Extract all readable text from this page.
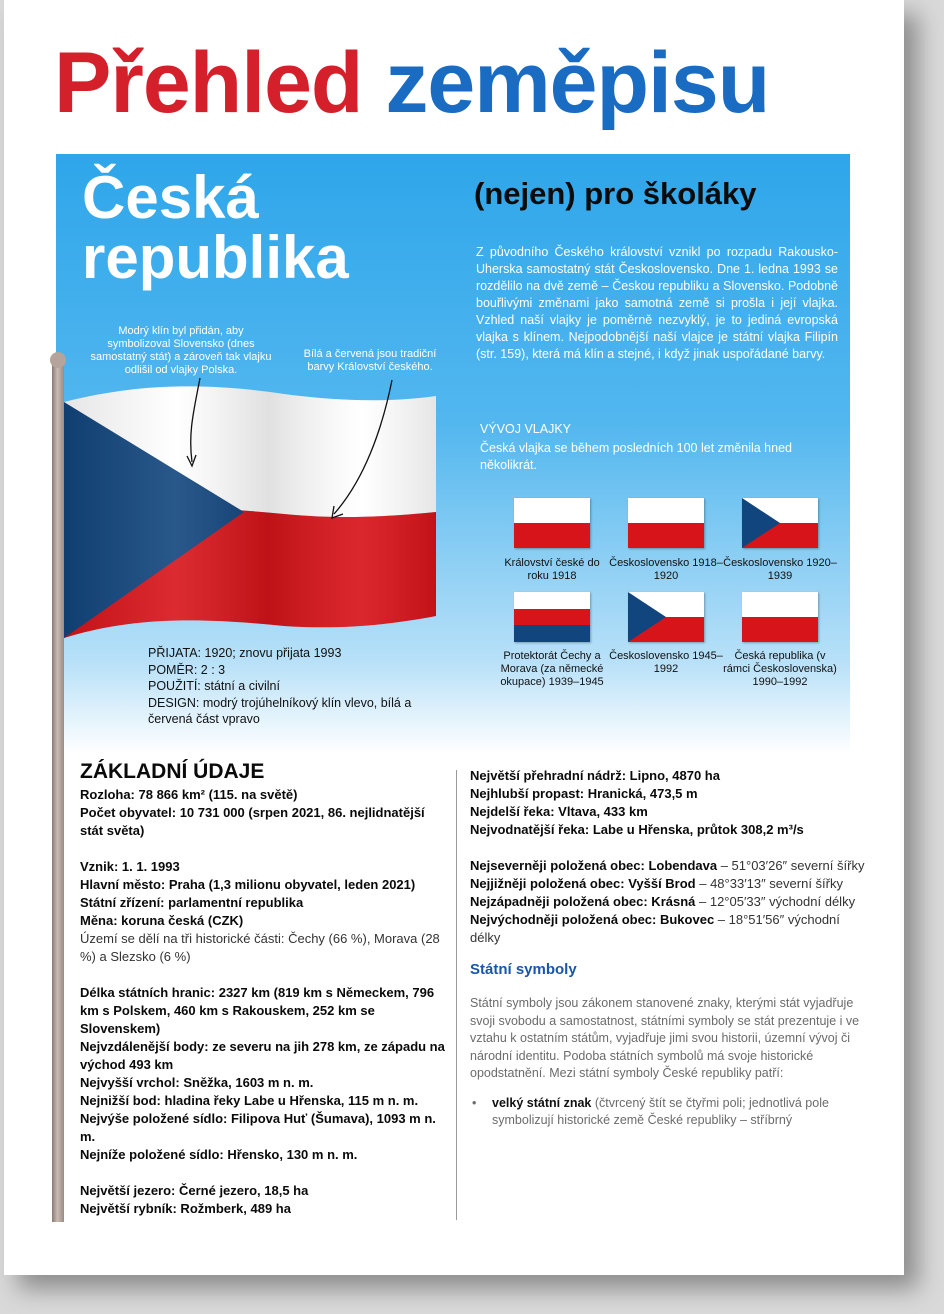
Přehled zeměpisu
Česká
republika
(nejen) pro školáky
Z původního Českého království vznikl po rozpadu Rakousko-Uherska samostatný stát Československo. Dne 1. ledna 1993 se rozdělilo na dvě země – Českou republiku a Slovensko. Podobně bouřlivými změnami jako samotná země si prošla i její vlajka. Vzhled naší vlajky je poměrně nezvyklý, je to jediná evropská vlajka s klínem. Nejpodobnější naší vlajce je státní vlajka Filipín (str. 159), která má klín a stejné, i když jinak uspořádané barvy.
VÝVOJ VLAJKY
Česká vlajka se během posledních 100 let změnila hned několikrát.
Modrý klín byl přidán, aby symbolizoval Slovensko (dnes samostatný stát) a zároveň tak vlajku odlišil od vlajky Polska.
Bílá a červená jsou tradiční barvy Království českého.
PŘIJATA: 1920; znovu přijata 1993
POMĚR: 2 : 3
POUŽITÍ: státní a civilní
DESIGN: modrý trojúhelníkový klín vlevo, bílá a červená část vpravo
Království české do roku 1918
Československo 1918–1920
Československo 1920–1939
Protektorát Čechy a Morava (za německé okupace) 1939–1945
Československo 1945–1992
Česká republika (v rámci Československa) 1990–1992
ZÁKLADNÍ ÚDAJE
Rozloha: 78 866 km² (115. na světě)
Počet obyvatel: 10 731 000 (srpen 2021, 86. nejlidnatější stát světa)
Vznik: 1. 1. 1993
Hlavní město: Praha (1,3 milionu obyvatel, leden 2021)
Státní zřízení: parlamentní republika
Měna: koruna česká (CZK)
Území se dělí na tři historické části: Čechy (66 %), Morava (28 %) a Slezsko (6 %)
Délka státních hranic: 2327 km (819 km s Německem, 796 km s Polskem, 460 km s Rakouskem, 252 km se Slovenskem)
Nejvzdálenější body: ze severu na jih 278 km, ze západu na východ 493 km
Nejvyšší vrchol: Sněžka, 1603 m n. m.
Nejnižší bod: hladina řeky Labe u Hřenska, 115 m n. m.
Nejvýše položené sídlo: Filipova Huť (Šumava), 1093 m n. m.
Nejníže položené sídlo: Hřensko, 130 m n. m.
Největší jezero: Černé jezero, 18,5 ha
Největší rybník: Rožmberk, 489 ha
Největší přehradní nádrž: Lipno, 4870 ha
Nejhlubší propast: Hranická, 473,5 m
Nejdelší řeka: Vltava, 433 km
Nejvodnatější řeka: Labe u Hřenska, průtok 308,2 m³/s
Nejseverněji položená obec: Lobendava – 51°03′26″ severní šířky
Nejjižněji položená obec: Vyšší Brod – 48°33′13″ severní šířky
Nejzápadněji položená obec: Krásná – 12°05′33″ východní délky
Nejvýchodněji položená obec: Bukovec – 18°51′56″ východní délky
Státní symboly
Státní symboly jsou zákonem stanovené znaky, kterými stát vyjadřuje svoji svobodu a samostatnost, státními symboly se stát prezentuje i ve vztahu k ostatním státům, vyjadřuje jimi svou historii, územní vývoj či národní identitu. Podoba státních symbolů má svoje historické opodstatnění. Mezi státní symboly České republiky patří:
• velký státní znak (čtvrcený štít se čtyřmi poli; jednotlivá pole symbolizují historické země České republiky – stříbrný
